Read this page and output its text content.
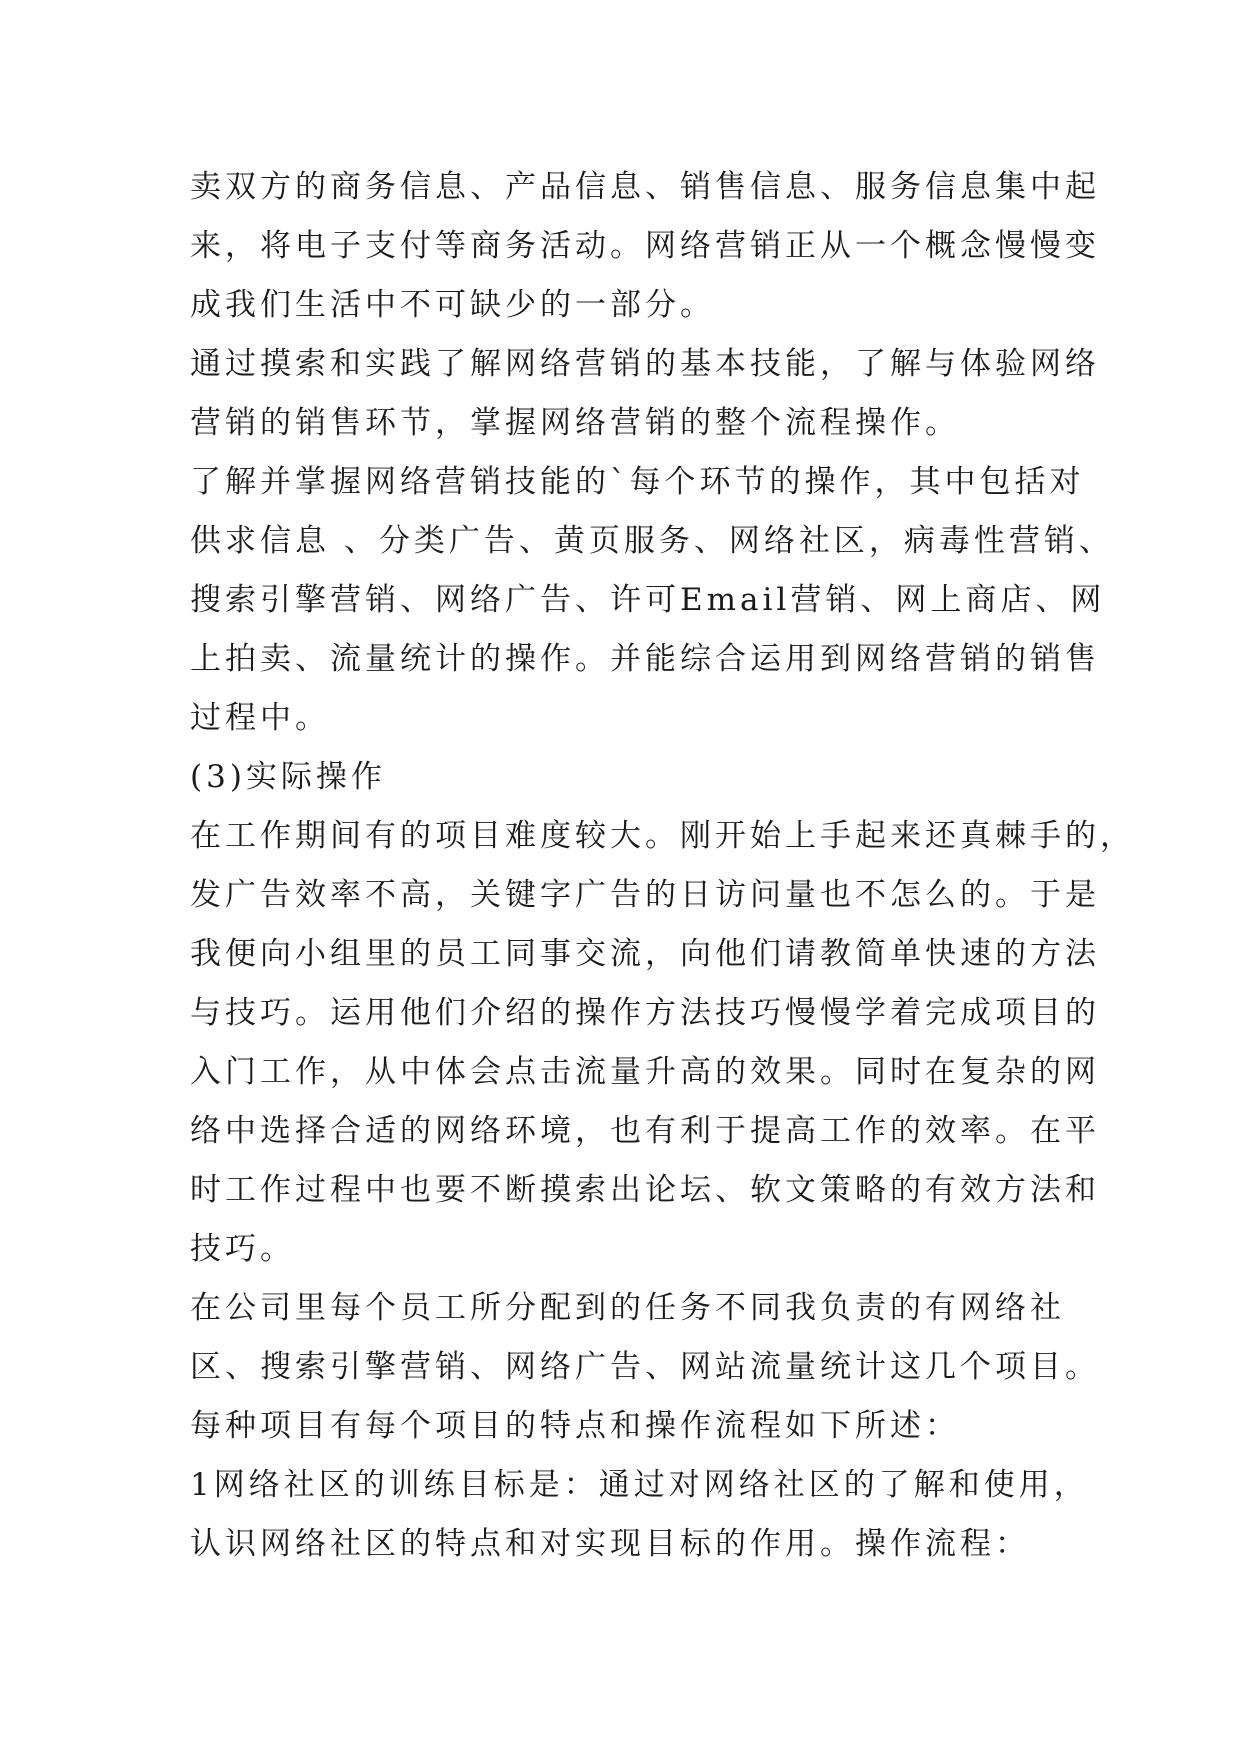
卖双方的商务信息、产品信息、销售信息、服务信息集中起
来，将电子支付等商务活动。网络营销正从一个概念慢慢变
成我们生活中不可缺少的一部分。
通过摸索和实践了解网络营销的基本技能，了解与体验网络
营销的销售环节，掌握网络营销的整个流程操作。
了解并掌握网络营销技能的`每个环节的操作，其中包括对
供求信息 、分类广告、黄页服务、网络社区，病毒性营销、
搜索引擎营销、网络广告、许可Email营销、网上商店、网
上拍卖、流量统计的操作。并能综合运用到网络营销的销售
过程中。
(3)实际操作
在工作期间有的项目难度较大。刚开始上手起来还真棘手的，
发广告效率不高，关键字广告的日访问量也不怎么的。于是
我便向小组里的员工同事交流，向他们请教简单快速的方法
与技巧。运用他们介绍的操作方法技巧慢慢学着完成项目的
入门工作，从中体会点击流量升高的效果。同时在复杂的网
络中选择合适的网络环境，也有利于提高工作的效率。在平
时工作过程中也要不断摸索出论坛、软文策略的有效方法和
技巧。
在公司里每个员工所分配到的任务不同我负责的有网络社
区、搜索引擎营销、网络广告、网站流量统计这几个项目。
每种项目有每个项目的特点和操作流程如下所述：
1网络社区的训练目标是：通过对网络社区的了解和使用，
认识网络社区的特点和对实现目标的作用。操作流程：
